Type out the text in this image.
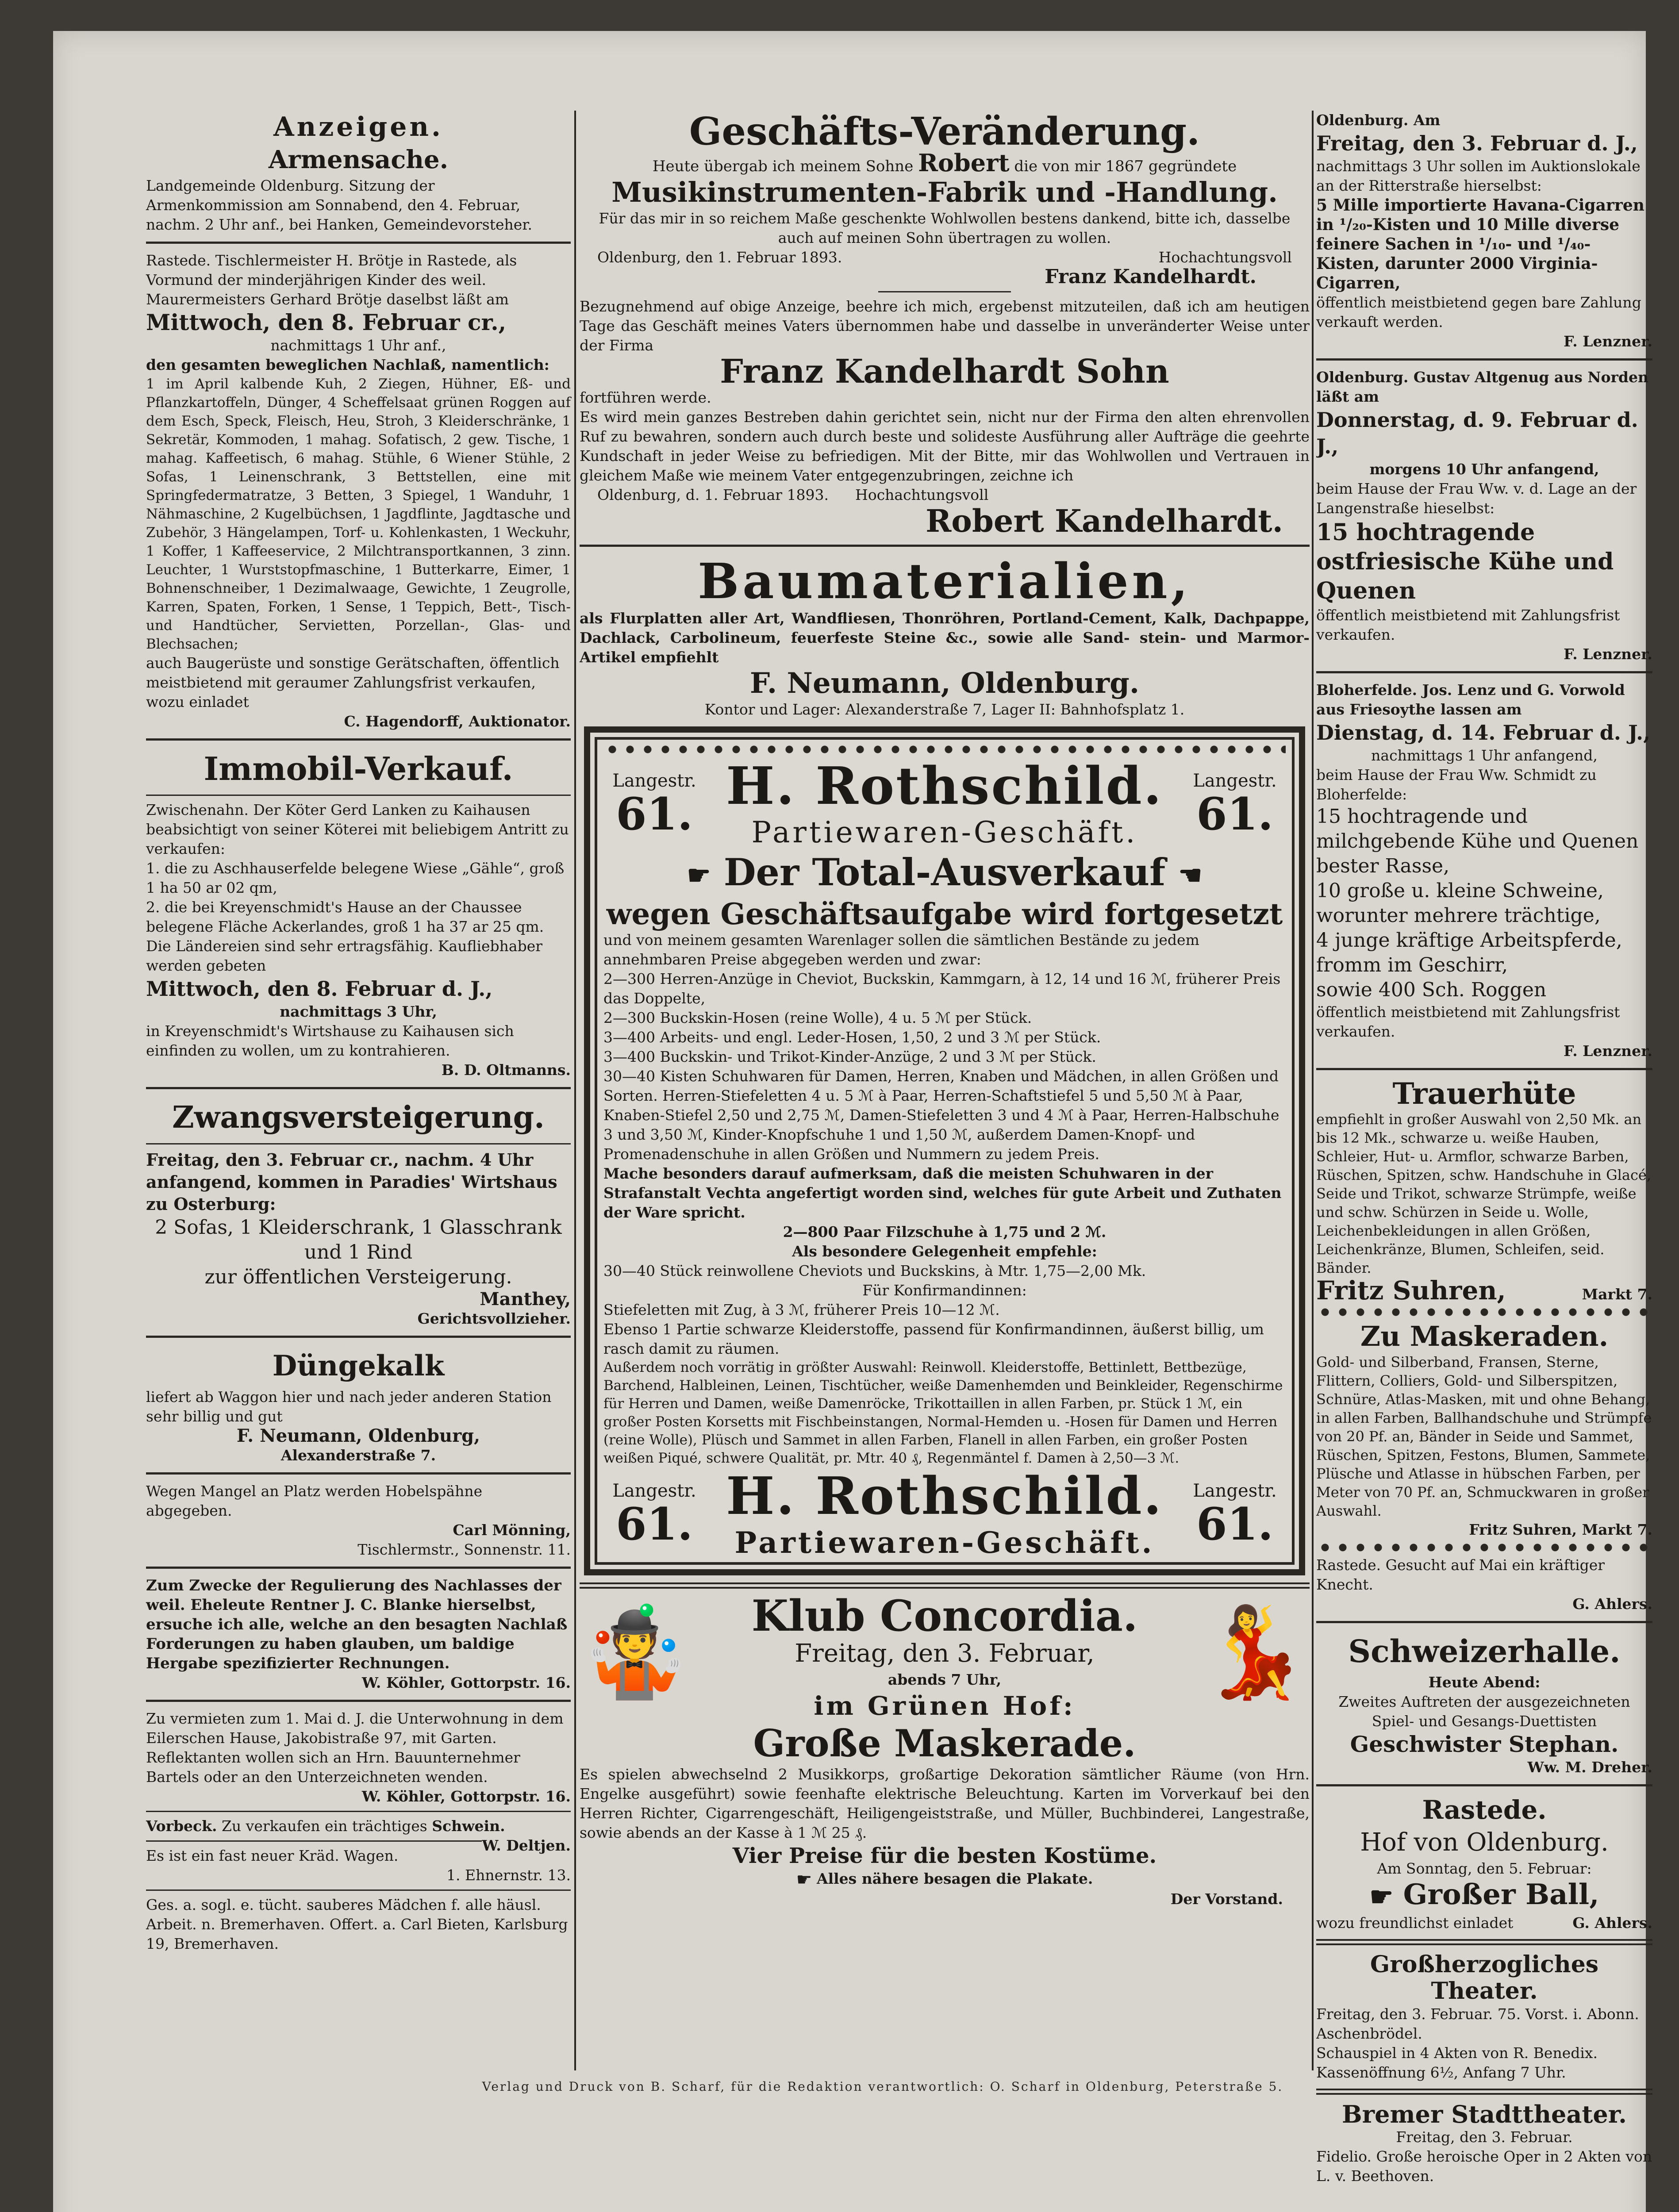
Anzeigen.
Armensache.
Landgemeinde Oldenburg. Sitzung der Armenkommission am Sonnabend, den 4. Februar, nachm. 2 Uhr anf., bei Hanken, Gemeindevorsteher.
Rastede. Tischlermeister H. Brötje in Rastede, als Vormund der minderjährigen Kinder des weil. Maurermeisters Gerhard Brötje daselbst läßt am
Mittwoch, den 8. Februar cr.,
nachmittags 1 Uhr anf.,
den gesamten beweglichen Nachlaß, namentlich:
1 im April kalbende Kuh, 2 Ziegen, Hühner, Eß- und Pflanzkartoffeln, Dünger, 4 Scheffelsaat grünen Roggen auf dem Esch, Speck, Fleisch, Heu, Stroh, 3 Kleiderschränke, 1 Sekretär, Kommoden, 1 mahag. Sofatisch, 2 gew. Tische, 1 mahag. Kaffeetisch, 6 mahag. Stühle, 6 Wiener Stühle, 2 Sofas, 1 Leinenschrank, 3 Bettstellen, eine mit Springfedermatratze, 3 Betten, 3 Spiegel, 1 Wanduhr, 1 Nähmaschine, 2 Kugelbüchsen, 1 Jagdflinte, Jagdtasche und Zubehör, 3 Hängelampen, Torf- u. Kohlenkasten, 1 Weckuhr, 1 Koffer, 1 Kaffeeservice, 2 Milchtransportkannen, 3 zinn. Leuchter, 1 Wurststopfmaschine, 1 Butterkarre, Eimer, 1 Bohnenschneiber, 1 Dezimalwaage, Gewichte, 1 Zeugrolle, Karren, Spaten, Forken, 1 Sense, 1 Teppich, Bett-, Tisch- und Handtücher, Servietten, Porzellan-, Glas- und Blechsachen;
auch Baugerüste und sonstige Gerätschaften, öffentlich meistbietend mit geraumer Zahlungsfrist verkaufen, wozu einladet
C. Hagendorff, Auktionator.
Immobil-Verkauf.
Zwischenahn. Der Köter Gerd Lanken zu Kaihausen beabsichtigt von seiner Köterei mit beliebigem Antritt zu verkaufen:
1. die zu Aschhauserfelde belegene Wiese „Gähle“, groß 1 ha 50 ar 02 qm,
2. die bei Kreyenschmidt's Hause an der Chaussee belegene Fläche Ackerlandes, groß 1 ha 37 ar 25 qm.
Die Ländereien sind sehr ertragsfähig. Kaufliebhaber werden gebeten
Mittwoch, den 8. Februar d. J.,
nachmittags 3 Uhr,
in Kreyenschmidt's Wirtshause zu Kaihausen sich einfinden zu wollen, um zu kontrahieren.
B. D. Oltmanns.
Zwangsversteigerung.
Freitag, den 3. Februar cr., nachm. 4 Uhr anfangend, kommen in Paradies' Wirtshaus zu Osterburg:
2 Sofas, 1 Kleiderschrank, 1 Glasschrank und 1 Rind
zur öffentlichen Versteigerung.
Manthey,
Gerichtsvollzieher.
Düngekalk
liefert ab Waggon hier und nach jeder anderen Station sehr billig und gut
F. Neumann, Oldenburg,
Alexanderstraße 7.
Wegen Mangel an Platz werden Hobelspähne abgegeben.
Carl Mönning,
Tischlermstr., Sonnenstr. 11.
Zum Zwecke der Regulierung des Nachlasses der weil. Eheleute Rentner J. C. Blanke hierselbst, ersuche ich alle, welche an den besagten Nachlaß Forderungen zu haben glauben, um baldige Hergabe spezifizierter Rechnungen.
W. Köhler, Gottorpstr. 16.
Zu vermieten zum 1. Mai d. J. die Unterwohnung in dem Eilerschen Hause, Jakobistraße 97, mit Garten. Reflektanten wollen sich an Hrn. Bauunternehmer Bartels oder an den Unterzeichneten wenden.
W. Köhler, Gottorpstr. 16.
Vorbeck. Zu verkaufen ein trächtiges Schwein.
W. Deltjen.
Es ist ein fast neuer Kräd. Wagen.
1. Ehnernstr. 13.
Ges. a. sogl. e. tücht. sauberes Mädchen f. alle häusl. Arbeit. n. Bremerhaven. Offert. a. Carl Bieten, Karlsburg 19, Bremerhaven.
Geschäfts-Veränderung.
Heute übergab ich meinem Sohne Robert die von mir 1867 gegründete
Musikinstrumenten-Fabrik und -Handlung.
Für das mir in so reichem Maße geschenkte Wohlwollen bestens dankend, bitte ich, dasselbe auch auf meinen Sohn übertragen zu wollen.
Oldenburg, den 1. Februar 1893.	Hochachtungsvoll
Franz Kandelhardt.
Bezugnehmend auf obige Anzeige, beehre ich mich, ergebenst mitzuteilen, daß ich am heutigen Tage das Geschäft meines Vaters übernommen habe und dasselbe in unveränderter Weise unter der Firma
Franz Kandelhardt Sohn
fortführen werde.
Es wird mein ganzes Bestreben dahin gerichtet sein, nicht nur der Firma den alten ehrenvollen Ruf zu bewahren, sondern auch durch beste und solideste Ausführung aller Aufträge die geehrte Kundschaft in jeder Weise zu befriedigen. Mit der Bitte, mir das Wohlwollen und Vertrauen in gleichem Maße wie meinem Vater entgegenzubringen, zeichne ich
Oldenburg, d. 1. Februar 1893. Hochachtungsvoll
Robert Kandelhardt.
Baumaterialien,
als Flurplatten aller Art, Wandfliesen, Thonröhren, Portland-Cement, Kalk, Dachpappe, Dachlack, Carbolineum, feuerfeste Steine &c., sowie alle Sand- stein- und Marmor-Artikel empfiehlt
F. Neumann, Oldenburg.
Kontor und Lager: Alexanderstraße 7, Lager II: Bahnhofsplatz 1.
Langestr.
61. H. Rothschild.
Partiewaren-Geschäft.
Langestr.
61.
☛ Der Total-Ausverkauf ☚
wegen Geschäftsaufgabe wird fortgesetzt
und von meinem gesamten Warenlager sollen die sämtlichen Bestände zu jedem annehmbaren Preise abgegeben werden und zwar:
2—300 Herren-Anzüge in Cheviot, Buckskin, Kammgarn, à 12, 14 und 16 ℳ, früherer Preis das Doppelte,
2—300 Buckskin-Hosen (reine Wolle), 4 u. 5 ℳ per Stück.
3—400 Arbeits- und engl. Leder-Hosen, 1,50, 2 und 3 ℳ per Stück.
3—400 Buckskin- und Trikot-Kinder-Anzüge, 2 und 3 ℳ per Stück.
30—40 Kisten Schuhwaren für Damen, Herren, Knaben und Mädchen, in allen Größen und Sorten. Herren-Stiefeletten 4 u. 5 ℳ à Paar, Herren-Schaftstiefel 5 und 5,50 ℳ à Paar, Knaben-Stiefel 2,50 und 2,75 ℳ, Damen-Stiefeletten 3 und 4 ℳ à Paar, Herren-Halbschuhe 3 und 3,50 ℳ, Kinder-Knopfschuhe 1 und 1,50 ℳ, außerdem Damen-Knopf- und Promenadenschuhe in allen Größen und Nummern zu jedem Preis.
Mache besonders darauf aufmerksam, daß die meisten Schuhwaren in der Strafanstalt Vechta angefertigt worden sind, welches für gute Arbeit und Zuthaten der Ware spricht.
2—800 Paar Filzschuhe à 1,75 und 2 ℳ.
Als besondere Gelegenheit empfehle:
30—40 Stück reinwollene Cheviots und Buckskins, à Mtr. 1,75—2,00 Mk.
Für Konfirmandinnen:
Stiefeletten mit Zug, à 3 ℳ, früherer Preis 10—12 ℳ.
Ebenso 1 Partie schwarze Kleiderstoffe, passend für Konfirmandinnen, äußerst billig, um rasch damit zu räumen.
Außerdem noch vorrätig in größter Auswahl: Reinwoll. Kleiderstoffe, Bettinlett, Bettbezüge, Barchend, Halbleinen, Leinen, Tischtücher, weiße Damenhemden und Beinkleider, Regenschirme für Herren und Damen, weiße Damenröcke, Trikottaillen in allen Farben, pr. Stück 1 ℳ, ein großer Posten Korsetts mit Fischbeinstangen, Normal-Hemden u. -Hosen für Damen und Herren (reine Wolle), Plüsch und Sammet in allen Farben, Flanell in allen Farben, ein großer Posten weißen Piqué, schwere Qualität, pr. Mtr. 40 ₰, Regenmäntel f. Damen à 2,50—3 ℳ.
Langestr.
61. H. Rothschild.
Partiewaren-Geschäft.
Langestr.
61.
🤹	Klub Concordia.
Freitag, den 3. Februar,
abends 7 Uhr,
im Grünen Hof:
Große Maskerade.
💃
Es spielen abwechselnd 2 Musikkorps, großartige Dekoration sämtlicher Räume (von Hrn. Engelke ausgeführt) sowie feenhafte elektrische Beleuchtung. Karten im Vorverkauf bei den Herren Richter, Cigarrengeschäft, Heiligengeiststraße, und Müller, Buchbinderei, Langestraße, sowie abends an der Kasse à 1 ℳ 25 ₰.
Vier Preise für die besten Kostüme.
☛ Alles nähere besagen die Plakate.
Der Vorstand.
Oldenburg. Am
Freitag, den 3. Februar d. J.,
nachmittags 3 Uhr sollen im Auktionslokale an der Ritterstraße hierselbst:
5 Mille importierte Havana-Cigarren in ¹/₂₀-Kisten und 10 Mille diverse feinere Sachen in ¹/₁₀- und ¹/₄₀-Kisten, darunter 2000 Virginia-Cigarren,
öffentlich meistbietend gegen bare Zahlung verkauft werden.
F. Lenzner.
Oldenburg. Gustav Altgenug aus Norden läßt am
Donnerstag, d. 9. Februar d. J.,
morgens 10 Uhr anfangend,
beim Hause der Frau Ww. v. d. Lage an der Langenstraße hieselbst:
15 hochtragende ostfriesische Kühe und Quenen
öffentlich meistbietend mit Zahlungsfrist verkaufen.
F. Lenzner.
Bloherfelde. Jos. Lenz und G. Vorwold aus Friesoythe lassen am
Dienstag, d. 14. Februar d. J.,
nachmittags 1 Uhr anfangend,
beim Hause der Frau Ww. Schmidt zu Bloherfelde:
15 hochtragende und milchgebende Kühe und Quenen bester Rasse,
10 große u. kleine Schweine, worunter mehrere trächtige,
4 junge kräftige Arbeitspferde, fromm im Geschirr,
sowie 400 Sch. Roggen
öffentlich meistbietend mit Zahlungsfrist verkaufen.
F. Lenzner.
Trauerhüte
empfiehlt in großer Auswahl von 2,50 Mk. an bis 12 Mk., schwarze u. weiße Hauben, Schleier, Hut- u. Armflor, schwarze Barben, Rüschen, Spitzen, schw. Handschuhe in Glacé, Seide und Trikot, schwarze Strümpfe, weiße und schw. Schürzen in Seide u. Wolle, Leichenbekleidungen in allen Größen, Leichenkränze, Blumen, Schleifen, seid. Bänder.
Fritz Suhren,	Markt 7.
Zu Maskeraden.
Gold- und Silberband, Fransen, Sterne, Flittern, Colliers, Gold- und Silberspitzen, Schnüre, Atlas-Masken, mit und ohne Behang, in allen Farben, Ballhandschuhe und Strümpfe von 20 Pf. an, Bänder in Seide und Sammet, Rüschen, Spitzen, Festons, Blumen, Sammete, Plüsche und Atlasse in hübschen Farben, per Meter von 70 Pf. an, Schmuckwaren in großer Auswahl.
Fritz Suhren, Markt 7.
Rastede. Gesucht auf Mai ein kräftiger Knecht.
G. Ahlers.
Schweizerhalle.
Heute Abend:
Zweites Auftreten der ausgezeichneten Spiel- und Gesangs-Duettisten
Geschwister Stephan.
Ww. M. Dreher.
Rastede.
Hof von Oldenburg.
Am Sonntag, den 5. Februar:
☛ Großer Ball,
wozu freundlichst einladet	G. Ahlers.
Großherzogliches Theater.
Freitag, den 3. Februar. 75. Vorst. i. Abonn. Aschenbrödel.
Schauspiel in 4 Akten von R. Benedix. Kassenöffnung 6½, Anfang 7 Uhr.
Bremer Stadttheater.
Freitag, den 3. Februar.
Fidelio. Große heroische Oper in 2 Akten von L. v. Beethoven.
Verlag und Druck von B. Scharf, für die Redaktion verantwortlich: O. Scharf in Oldenburg, Peterstraße 5.
